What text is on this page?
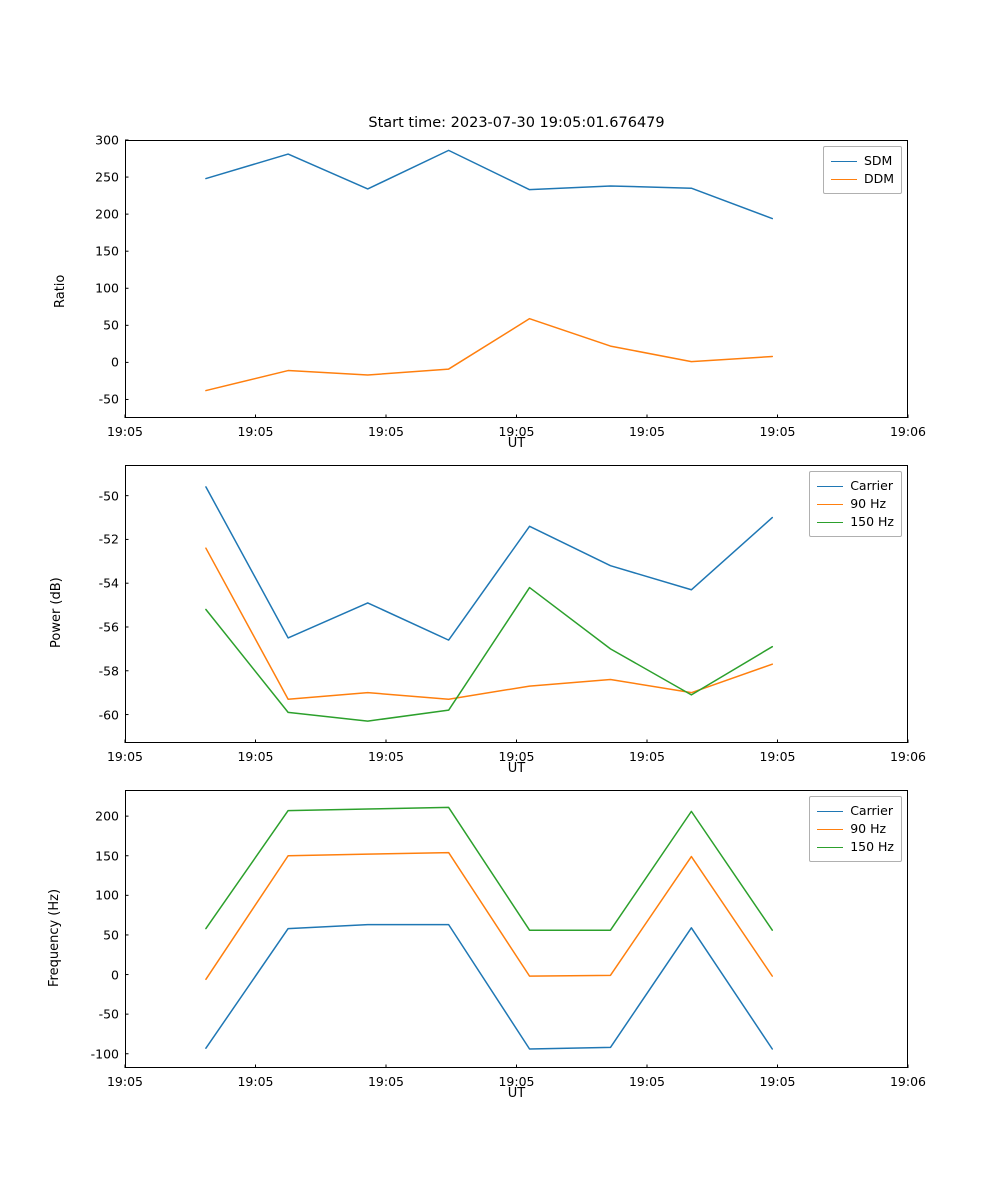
Start time: 2023-07-30 19:05:01.676479
Ratio
UT
SDM
DDM
-50
0
50
100
150
200
250
300
19:05	19:05	19:05	19:05	19:05	19:05	19:06
Power (dB)
UT
Carrier
90 Hz
150 Hz
-60
-58
-56
-54
-52
-50
19:05	19:05	19:05	19:05	19:05	19:05	19:06
Frequency (Hz)
UT
Carrier
90 Hz
150 Hz
-100
-50
0
50
100
150
200
19:05	19:05	19:05	19:05	19:05	19:05	19:06
